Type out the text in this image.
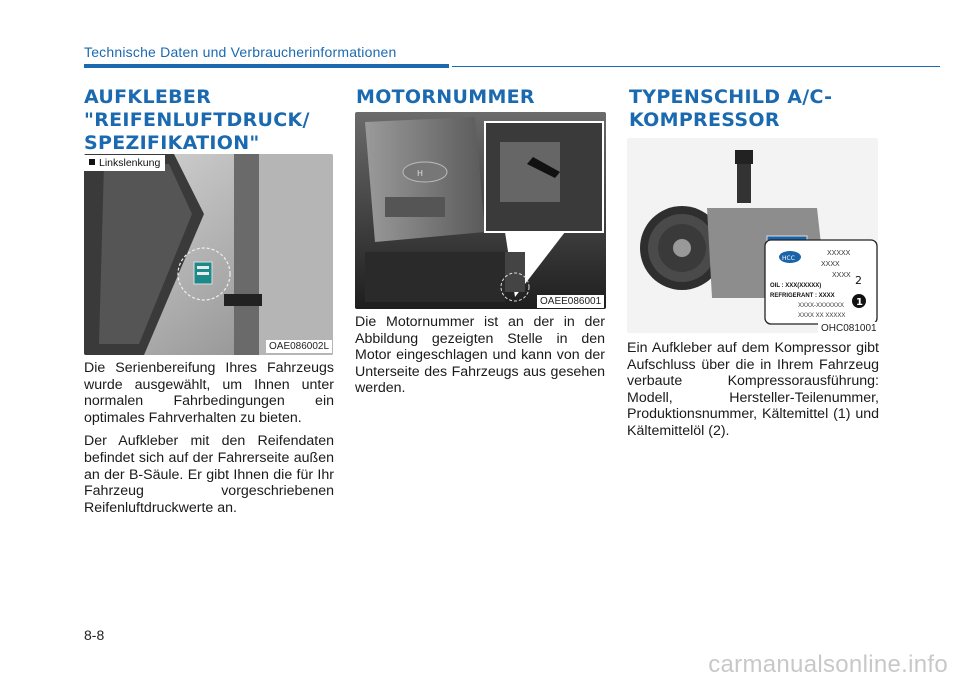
Technische Daten und Verbraucherinformationen
AUFKLEBER
"REIFENLUFTDRUCK/
SPEZIFIKATION"
Linkslenkung
OAE086002L

Die Serienbereifung Ihres Fahrzeugs wurde ausgewählt, um Ihnen unter normalen Fahrbedingungen ein optimales Fahrverhalten zu bieten.

Der Aufkleber mit den Reifendaten befindet sich auf der Fahrerseite außen an der B-Säule. Er gibt Ihnen die für Ihr Fahrzeug vorgeschriebenen Reifenluftdruckwerte an.

MOTORNUMMER
H
OAEE086001

Die Motornummer ist an der in der Abbildung gezeigten Stelle in den Motor eingeschlagen und kann von der Unterseite des Fahrzeugs aus gesehen werden.

TYPENSCHILD A/C-
KOMPRESSOR
HCC
XXXXX
XXXX
XXXX
OIL : XXX(XXXXX)
REFRIGERANT : XXXX
XXXX-XXXXXXX
XXXX XX XXXXX
2
1
OHC081001

Ein Aufkleber auf dem Kompressor gibt Aufschluss über die in Ihrem Fahrzeug verbaute Kompressorausführung: Modell, Hersteller-Teilenummer, Produktionsnummer, Kältemittel (1) und Kältemittelöl (2).

8-8
carmanualsonline.info
